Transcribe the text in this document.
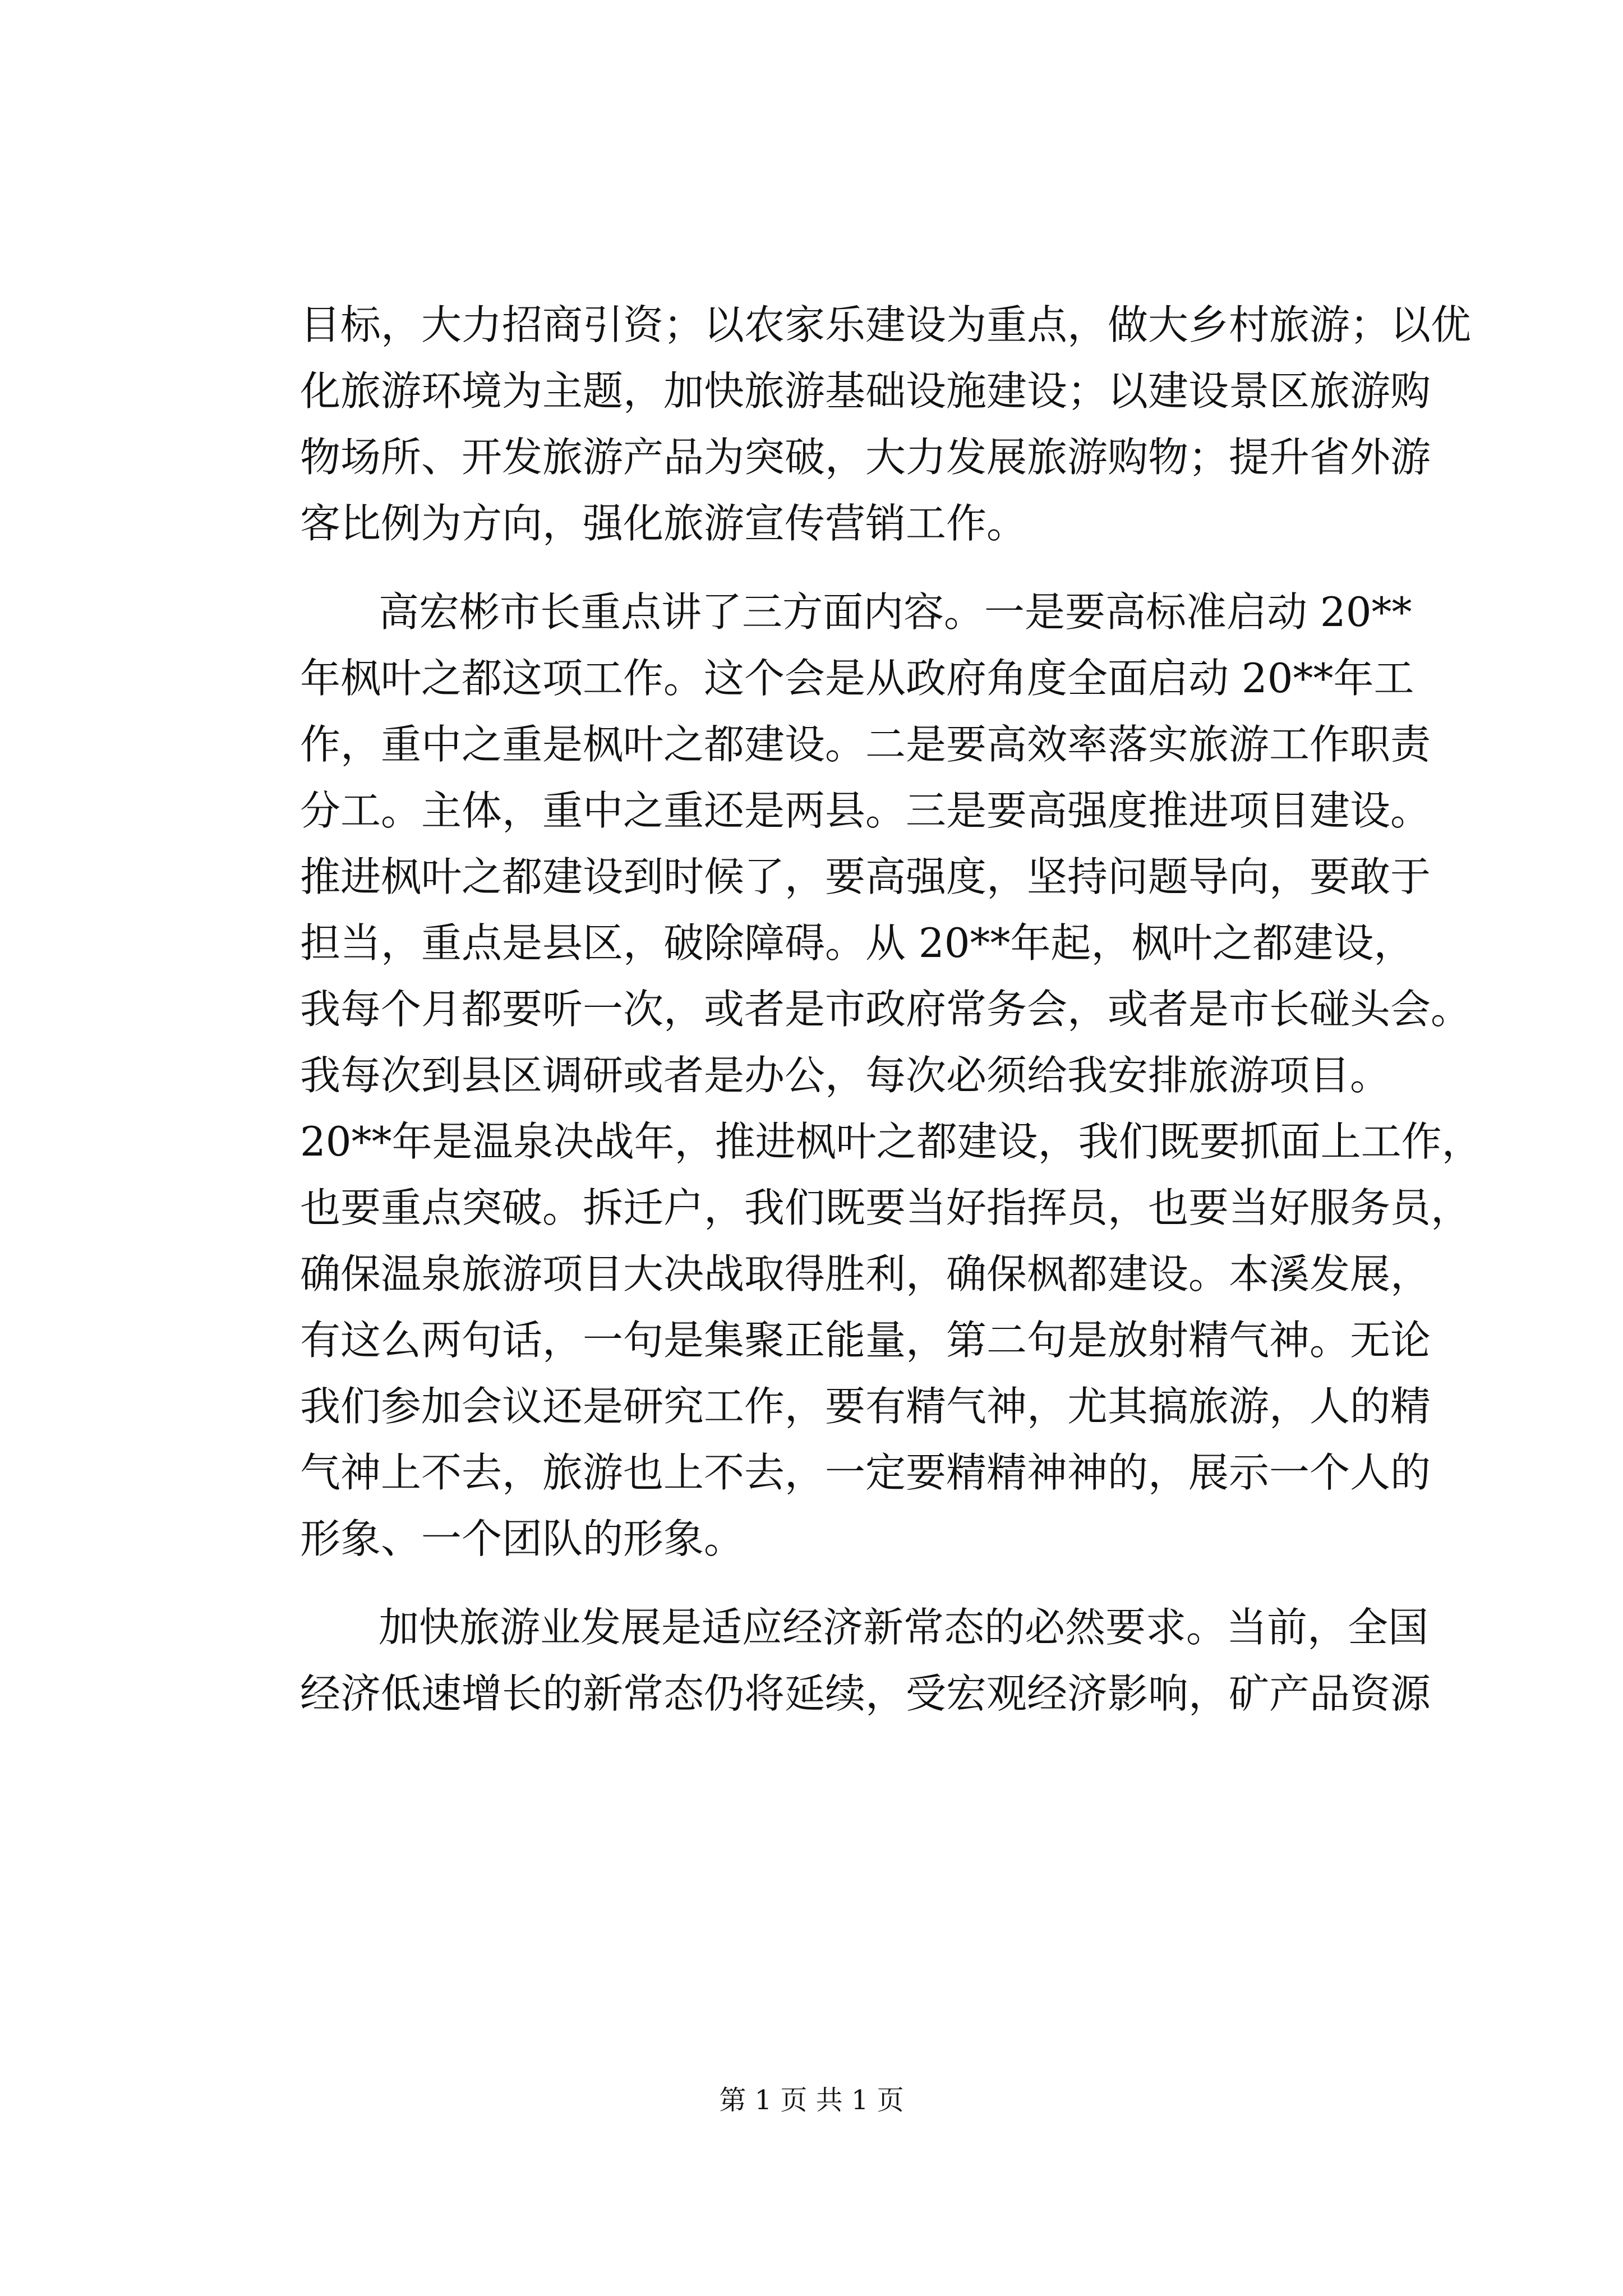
目标，大力招商引资；以农家乐建设为重点，做大乡村旅游；以优
化旅游环境为主题，加快旅游基础设施建设；以建设景区旅游购
物场所、开发旅游产品为突破，大力发展旅游购物；提升省外游
客比例为方向，强化旅游宣传营销工作。
高宏彬市长重点讲了三方面内容。一是要高标准启动 20**
年枫叶之都这项工作。这个会是从政府角度全面启动 20**年工
作，重中之重是枫叶之都建设。二是要高效率落实旅游工作职责
分工。主体，重中之重还是两县。三是要高强度推进项目建设。
推进枫叶之都建设到时候了，要高强度，坚持问题导向，要敢于
担当，重点是县区，破除障碍。从 20**年起，枫叶之都建设，
我每个月都要听一次，或者是市政府常务会，或者是市长碰头会。
我每次到县区调研或者是办公，每次必须给我安排旅游项目。
20**年是温泉决战年，推进枫叶之都建设，我们既要抓面上工作，
也要重点突破。拆迁户，我们既要当好指挥员，也要当好服务员，
确保温泉旅游项目大决战取得胜利，确保枫都建设。本溪发展，
有这么两句话，一句是集聚正能量，第二句是放射精气神。无论
我们参加会议还是研究工作，要有精气神，尤其搞旅游，人的精
气神上不去，旅游也上不去，一定要精精神神的，展示一个人的
形象、一个团队的形象。
加快旅游业发展是适应经济新常态的必然要求。当前，全国
经济低速增长的新常态仍将延续，受宏观经济影响，矿产品资源
第 1 页 共 1 页
